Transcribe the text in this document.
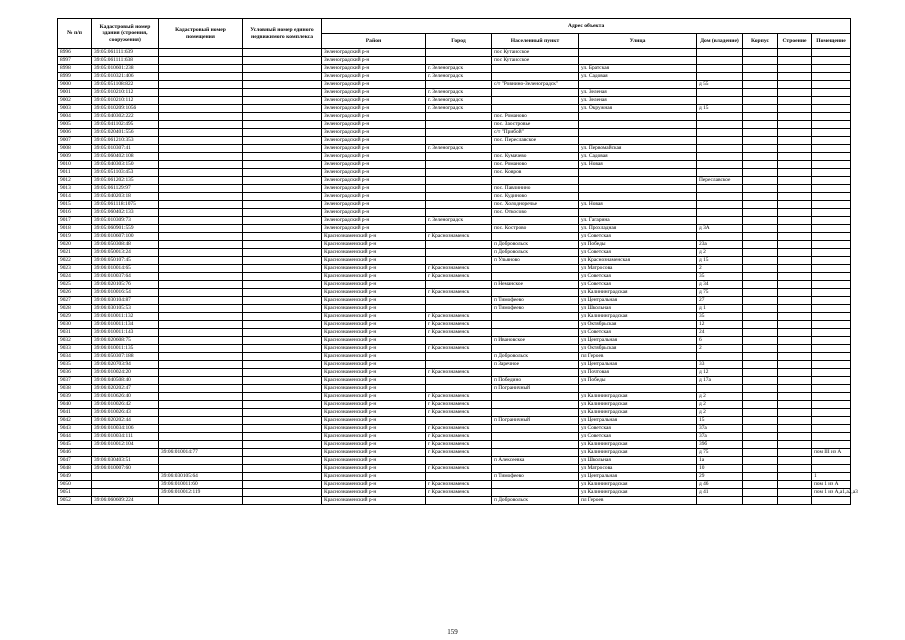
№ п/п	Кадастровый номер здания (строения, сооружения)	Кадастровый номер помещения	Условный номер единого недвижимого комплекса	Адрес объекта							
				Район	Город	Населенный пункт	Улица	Дом (владение)	Корпус	Строение	Помещение
8996	39:05:061111:639			Зеленоградский р-н		пос Кутаисское					
8997	39:05:061111:638			Зеленоградский р-н		пос Кутаисское					
8998	39:05:010601:238			Зеленоградский р-н	г. Зеленоградск		ул. Братская				
8999	39:05:010321:406			Зеленоградский р-н	г. Зеленоградск		ул. Садовая				
9000	39:05:051108:822			Зеленоградский р-н		с/т "Ровнино-Зеленоградск"		д 55			
9001	39:05:010210:112			Зеленоградский р-н	г. Зеленоградск		ул. Зеленая				
9002	39:05:010210:112			Зеленоградский р-н	г. Зеленоградск		ул. Зеленая				
9003	39:05:010209:1056			Зеленоградский р-н	г. Зеленоградск		ул. Окружная	д 15			
9004	39:05:040302:222			Зеленоградский р-н		пос. Романово					
9005	39:05:041102:495			Зеленоградский р-н		пос. Заостровье					
9006	39:05:020401:556			Зеленоградский р-н		с/т "Прибой"					
9007	39:05:061210:353			Зеленоградский р-н		пос. Переславское					
9008	39:05:010307:41			Зеленоградский р-н	г. Зеленоградск		ул. Первомайская				
9009	39:05:060402:108			Зеленоградский р-н		пос. Кумачево	ул. Садовая				
9010	39:05:040303:150			Зеленоградский р-н		пос. Романово	ул. Новая				
9011	39:05:051103:453			Зеленоградский р-н		пос. Ковров					
9012	39:05:061202:135			Зеленоградский р-н				Переславское			
9013	39:05:061129:97			Зеленоградский р-н		пос. Павлинино					
9014	39:05:040203:18			Зеленоградский р-н		пос. Кудиново					
9015	39:05:061118:1075			Зеленоградский р-н		пос. Холодноречье	ул. Новая				
9016	39:05:060402:133			Зеленоградский р-н		пос. Откосово					
9017	39:05:010309:73			Зеленоградский р-н	г. Зеленоградск		ул. Гагарина				
9018	39:05:060901:559			Зеленоградский р-н		пос. Кострово	ул. Прохладная	д 3А			
9019	39:06:010607:100			Краснознаменский р-н	г Краснознаменск		ул Советская				
9020	39:06:050308:48			Краснознаменский р-н		п Добровольск	ул Победы	23а			
9021	39:06:050013:24			Краснознаменский р-н		п Добровольск	ул Советская	д 2			
9022	39:06:050107:45			Краснознаменский р-н		п Ульяново	ул Краснознаменская	д 15			
9023	39:06:010014:65			Краснознаменский р-н	г Краснознаменск		ул Матросова	2			
9024	39:06:010037:64			Краснознаменский р-н	г Краснознаменск		ул Советская	35			
9025	39:06:020105:76			Краснознаменский р-н		п Неманское	ул Советская	д 34			
9026	39:06:010016:54			Краснознаменский р-н	г Краснознаменск		ул Калининградская	д 75			
9027	39:06:030104:87			Краснознаменский р-н		п Тимофеево	ул Центральная	27			
9028	39:06:030105:53			Краснознаменский р-н		п Тимофеево	ул Школьная	д 1			
9029	39:06:010011:132			Краснознаменский р-н	г Краснознаменск		ул Калининградская	35			
9030	39:06:010011:134			Краснознаменский р-н	г Краснознаменск		ул Октябрьская	12			
9031	39:06:010011:143			Краснознаменский р-н	г Краснознаменск		ул Советская	24			
9032	39:06:020608:75			Краснознаменский р-н		п Ивановское	ул Центральная	6			
9033	39:06:010011:135			Краснознаменский р-н	г Краснознаменск		ул Октябрьская	2			
9034	39:06:050307:188			Краснознаменский р-н		п Добровольск	пл Героев				
9035	39:06:020703:94			Краснознаменский р-н		п Заречное	ул Центральная	33			
9036	39:06:010024:20			Краснознаменский р-н	г Краснознаменск		ул Почтовая	д 12			
9037	39:06:040508:40			Краснознаменский р-н		п Победино	ул Победы	д 17а			
9038	39:06:020202:47			Краснознаменский р-н		п Пограничный					
9039	39:06:010626:40			Краснознаменский р-н	г Краснознаменск		ул Калининградская	д 2			
9040	39:06:010026:42			Краснознаменский р-н	г Краснознаменск		ул Калининградская	д 2			
9041	39:06:010026:43			Краснознаменский р-н	г Краснознаменск		ул Калининградская	д 2			
9042	39:06:020202:44			Краснознаменский р-н		п Пограничный	ул Центральная	15			
9043	39:06:010034:106			Краснознаменский р-н	г Краснознаменск		ул Советская	37а			
9044	39:06:010034:111			Краснознаменский р-н	г Краснознаменск		ул Советская	37а			
9045	39:06:010012:104			Краснознаменский р-н	г Краснознаменск		ул Калининградская	39б			
9046		39:06:010014:77		Краснознаменский р-н	г Краснознаменск		ул Калининградская	д 75			пом III из А
9047	39:06:030403:51			Краснознаменский р-н		п Алексеевка	ул Школьная	1а			
9048	39:06:010007:60			Краснознаменский р-н	г Краснознаменск		ул Матросова	10			
9049		39:06:030105:64		Краснознаменский р-н		п Тимофеево	ул Центральная	29			1
9050		39:06:010011:60		Краснознаменский р-н	г Краснознаменск		ул Калининградская	д 46			пом 1 из А
9051		39:06:010012:119		Краснознаменский р-н	г Краснознаменск		ул Калининградская	д 41			пом 1 из А,а1,а2,а3
9052	39:06:060609:224			Краснознаменский р-н		п Добровольск	пл Героев				
159
